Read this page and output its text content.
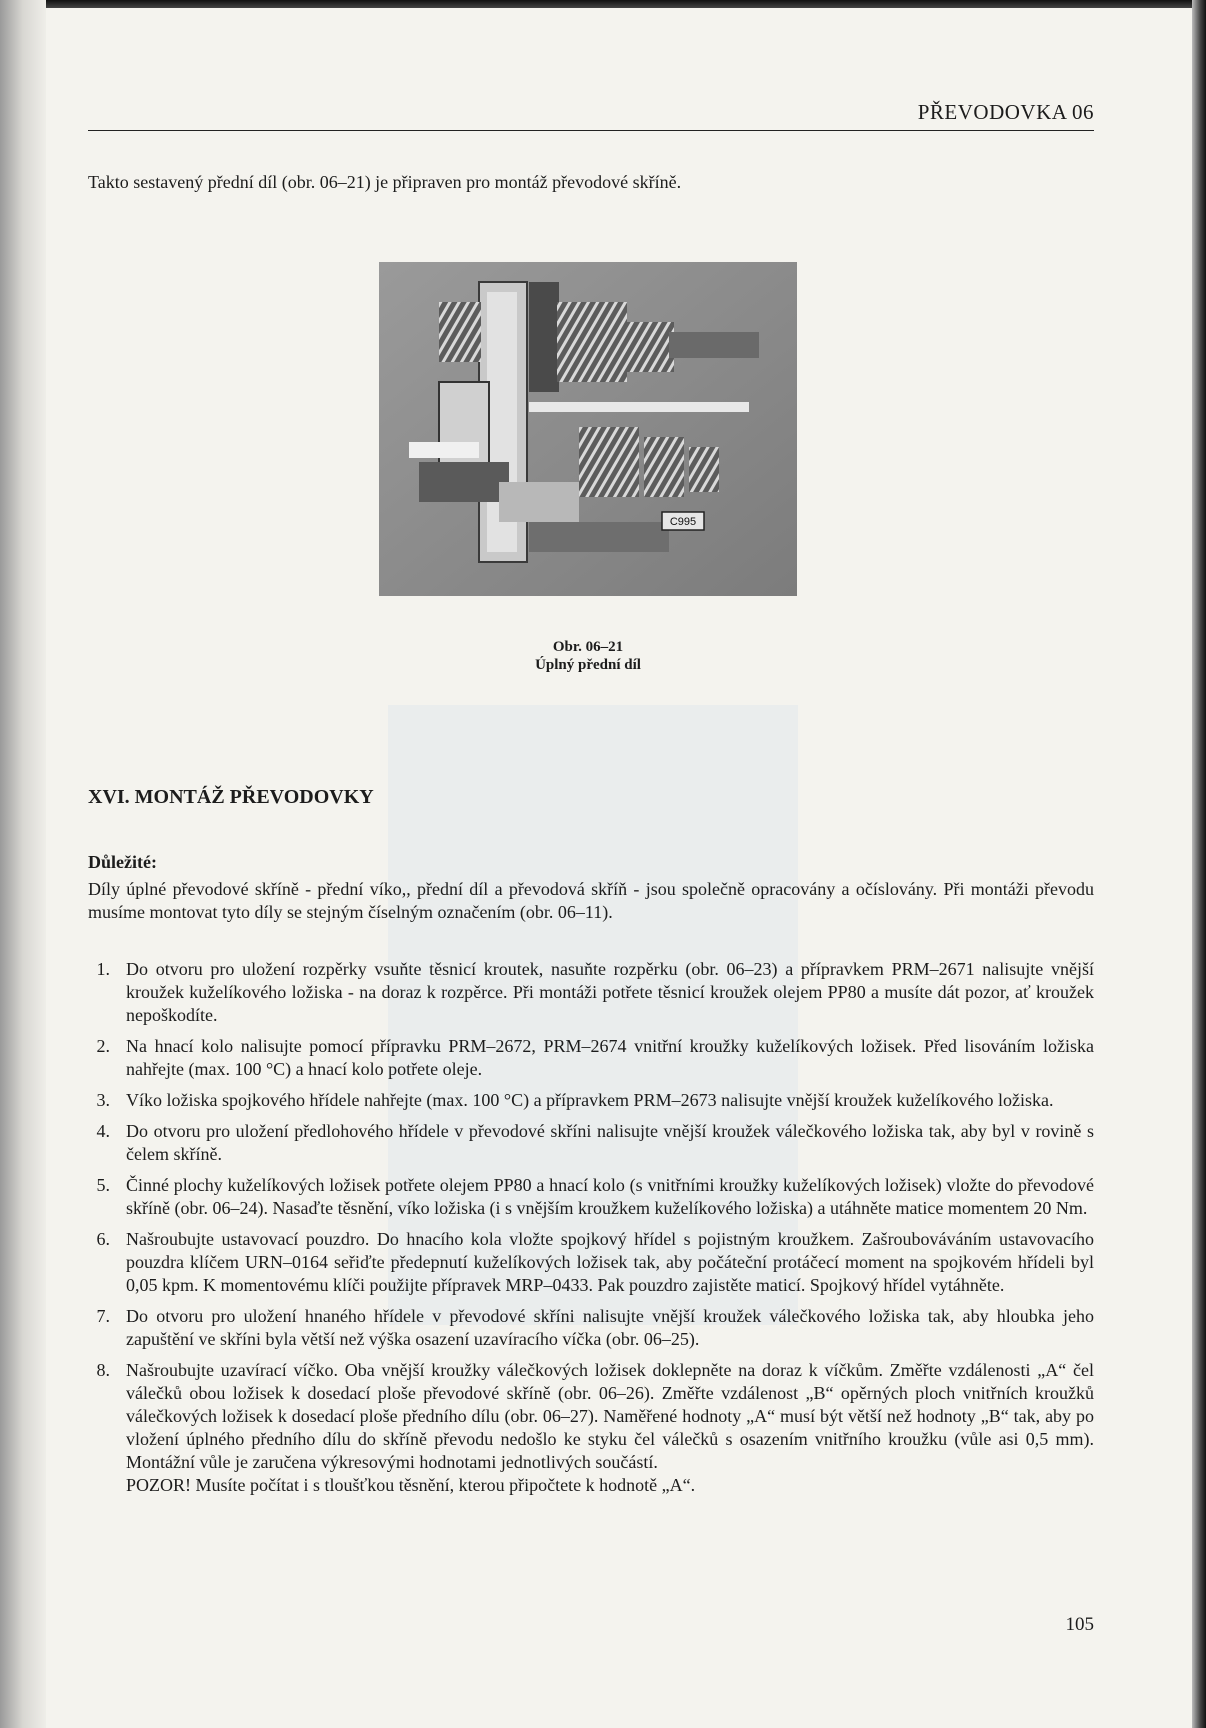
PŘEVODOVKA 06
Takto sestavený přední díl (obr. 06–21) je připraven pro montáž převodové skříně.
C995
Obr. 06–21
Úplný přední díl
XVI. MONTÁŽ PŘEVODOVKY
Důležité:
Díly úplné převodové skříně - přední víko,, přední díl a převodová skříň - jsou společně opracovány a očíslovány. Při montáži převodu musíme montovat tyto díly se stejným číselným označením (obr. 06–11).
1. Do otvoru pro uložení rozpěrky vsuňte těsnicí kroutek, nasuňte rozpěrku (obr. 06–23) a přípravkem PRM–2671 nalisujte vnější kroužek kuželíkového ložiska - na doraz k rozpěrce. Při montáži potřete těsnicí kroužek olejem PP80 a musíte dát pozor, ať kroužek nepoškodíte.
2. Na hnací kolo nalisujte pomocí přípravku PRM–2672, PRM–2674 vnitřní kroužky kuželíkových ložisek. Před lisováním ložiska nahřejte (max. 100 °C) a hnací kolo potřete oleje.
3. Víko ložiska spojkového hřídele nahřejte (max. 100 °C) a přípravkem PRM–2673 nalisujte vnější kroužek kuželíkového ložiska.
4. Do otvoru pro uložení předlohového hřídele v převodové skříni nalisujte vnější kroužek válečkového ložiska tak, aby byl v rovině s čelem skříně.
5. Činné plochy kuželíkových ložisek potřete olejem PP80 a hnací kolo (s vnitřními kroužky kuželíkových ložisek) vložte do převodové skříně (obr. 06–24). Nasaďte těsnění, víko ložiska (i s vnějším kroužkem kuželíkového ložiska) a utáhněte matice momentem 20 Nm.
6. Našroubujte ustavovací pouzdro. Do hnacího kola vložte spojkový hřídel s pojistným kroužkem. Zašroubováváním ustavovacího pouzdra klíčem URN–0164 seřiďte předepnutí kuželíkových ložisek tak, aby počáteční protáčecí moment na spojkovém hřídeli byl 0,05 kpm. K momentovému klíči použijte přípravek MRP–0433. Pak pouzdro zajistěte maticí. Spojkový hřídel vytáhněte.
7. Do otvoru pro uložení hnaného hřídele v převodové skříni nalisujte vnější kroužek válečkového ložiska tak, aby hloubka jeho zapuštění ve skříni byla větší než výška osazení uzavíracího víčka (obr. 06–25).
8. Našroubujte uzavírací víčko. Oba vnější kroužky válečkových ložisek doklepněte na doraz k víčkům. Změřte vzdálenosti „A“ čel válečků obou ložisek k dosedací ploše převodové skříně (obr. 06–26). Změřte vzdálenost „B“ opěrných ploch vnitřních kroužků válečkových ložisek k dosedací ploše předního dílu (obr. 06–27). Naměřené hodnoty „A“ musí být větší než hodnoty „B“ tak, aby po vložení úplného předního dílu do skříně převodu nedošlo ke styku čel válečků s osazením vnitřního kroužku (vůle asi 0,5 mm). Montážní vůle je zaručena výkresovými hodnotami jednotlivých součástí.
POZOR! Musíte počítat i s tloušťkou těsnění, kterou připočtete k hodnotě „A“.
105
